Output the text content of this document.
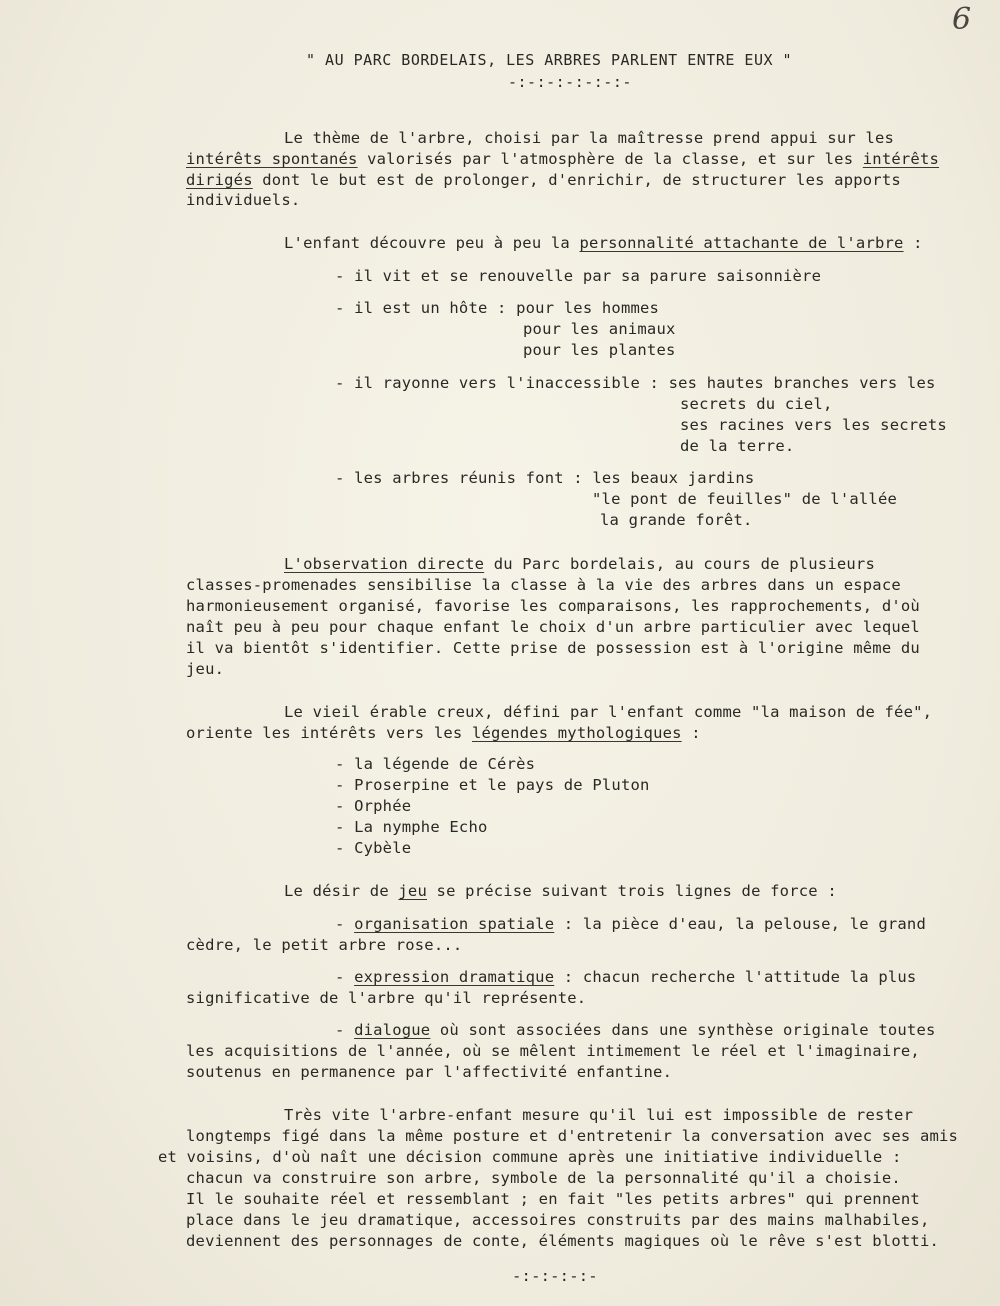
6
" AU PARC BORDELAIS, LES ARBRES PARLENT ENTRE EUX "
-:-:-:-:-:-:-
Le thème de l'arbre, choisi par la maîtresse prend appui sur les
intérêts spontanés valorisés par l'atmosphère de la classe, et sur les intérêts
dirigés dont le but est de prolonger, d'enrichir, de structurer les apports
individuels.
L'enfant découvre peu à peu la personnalité attachante de l'arbre :
- il vit et se renouvelle par sa parure saisonnière
- il est un hôte : pour les hommes
pour les animaux
pour les plantes
- il rayonne vers l'inaccessible : ses hautes branches vers les
secrets du ciel,
ses racines vers les secrets
de la terre.
- les arbres réunis font : les beaux jardins
"le pont de feuilles" de l'allée
la grande forêt.
L'observation directe du Parc bordelais, au cours de plusieurs
classes-promenades sensibilise la classe à la vie des arbres dans un espace
harmonieusement organisé, favorise les comparaisons, les rapprochements, d'où
naît peu à peu pour chaque enfant le choix d'un arbre particulier avec lequel
il va bientôt s'identifier. Cette prise de possession est à l'origine même du
jeu.
Le vieil érable creux, défini par l'enfant comme "la maison de fée",
oriente les intérêts vers les légendes mythologiques :
- la légende de Cérès
- Proserpine et le pays de Pluton
- Orphée
- La nymphe Echo
- Cybèle
Le désir de jeu se précise suivant trois lignes de force :
- organisation spatiale : la pièce d'eau, la pelouse, le grand
cèdre, le petit arbre rose...
- expression dramatique : chacun recherche l'attitude la plus
significative de l'arbre qu'il représente.
- dialogue où sont associées dans une synthèse originale toutes
les acquisitions de l'année, où se mêlent intimement le réel et l'imaginaire,
soutenus en permanence par l'affectivité enfantine.
Très vite l'arbre-enfant mesure qu'il lui est impossible de rester
longtemps figé dans la même posture et d'entretenir la conversation avec ses amis
et voisins, d'où naît une décision commune après une initiative individuelle :
chacun va construire son arbre, symbole de la personnalité qu'il a choisie.
Il le souhaite réel et ressemblant ; en fait "les petits arbres" qui prennent
place dans le jeu dramatique, accessoires construits par des mains malhabiles,
deviennent des personnages de conte, éléments magiques où le rêve s'est blotti.
-:-:-:-:-
